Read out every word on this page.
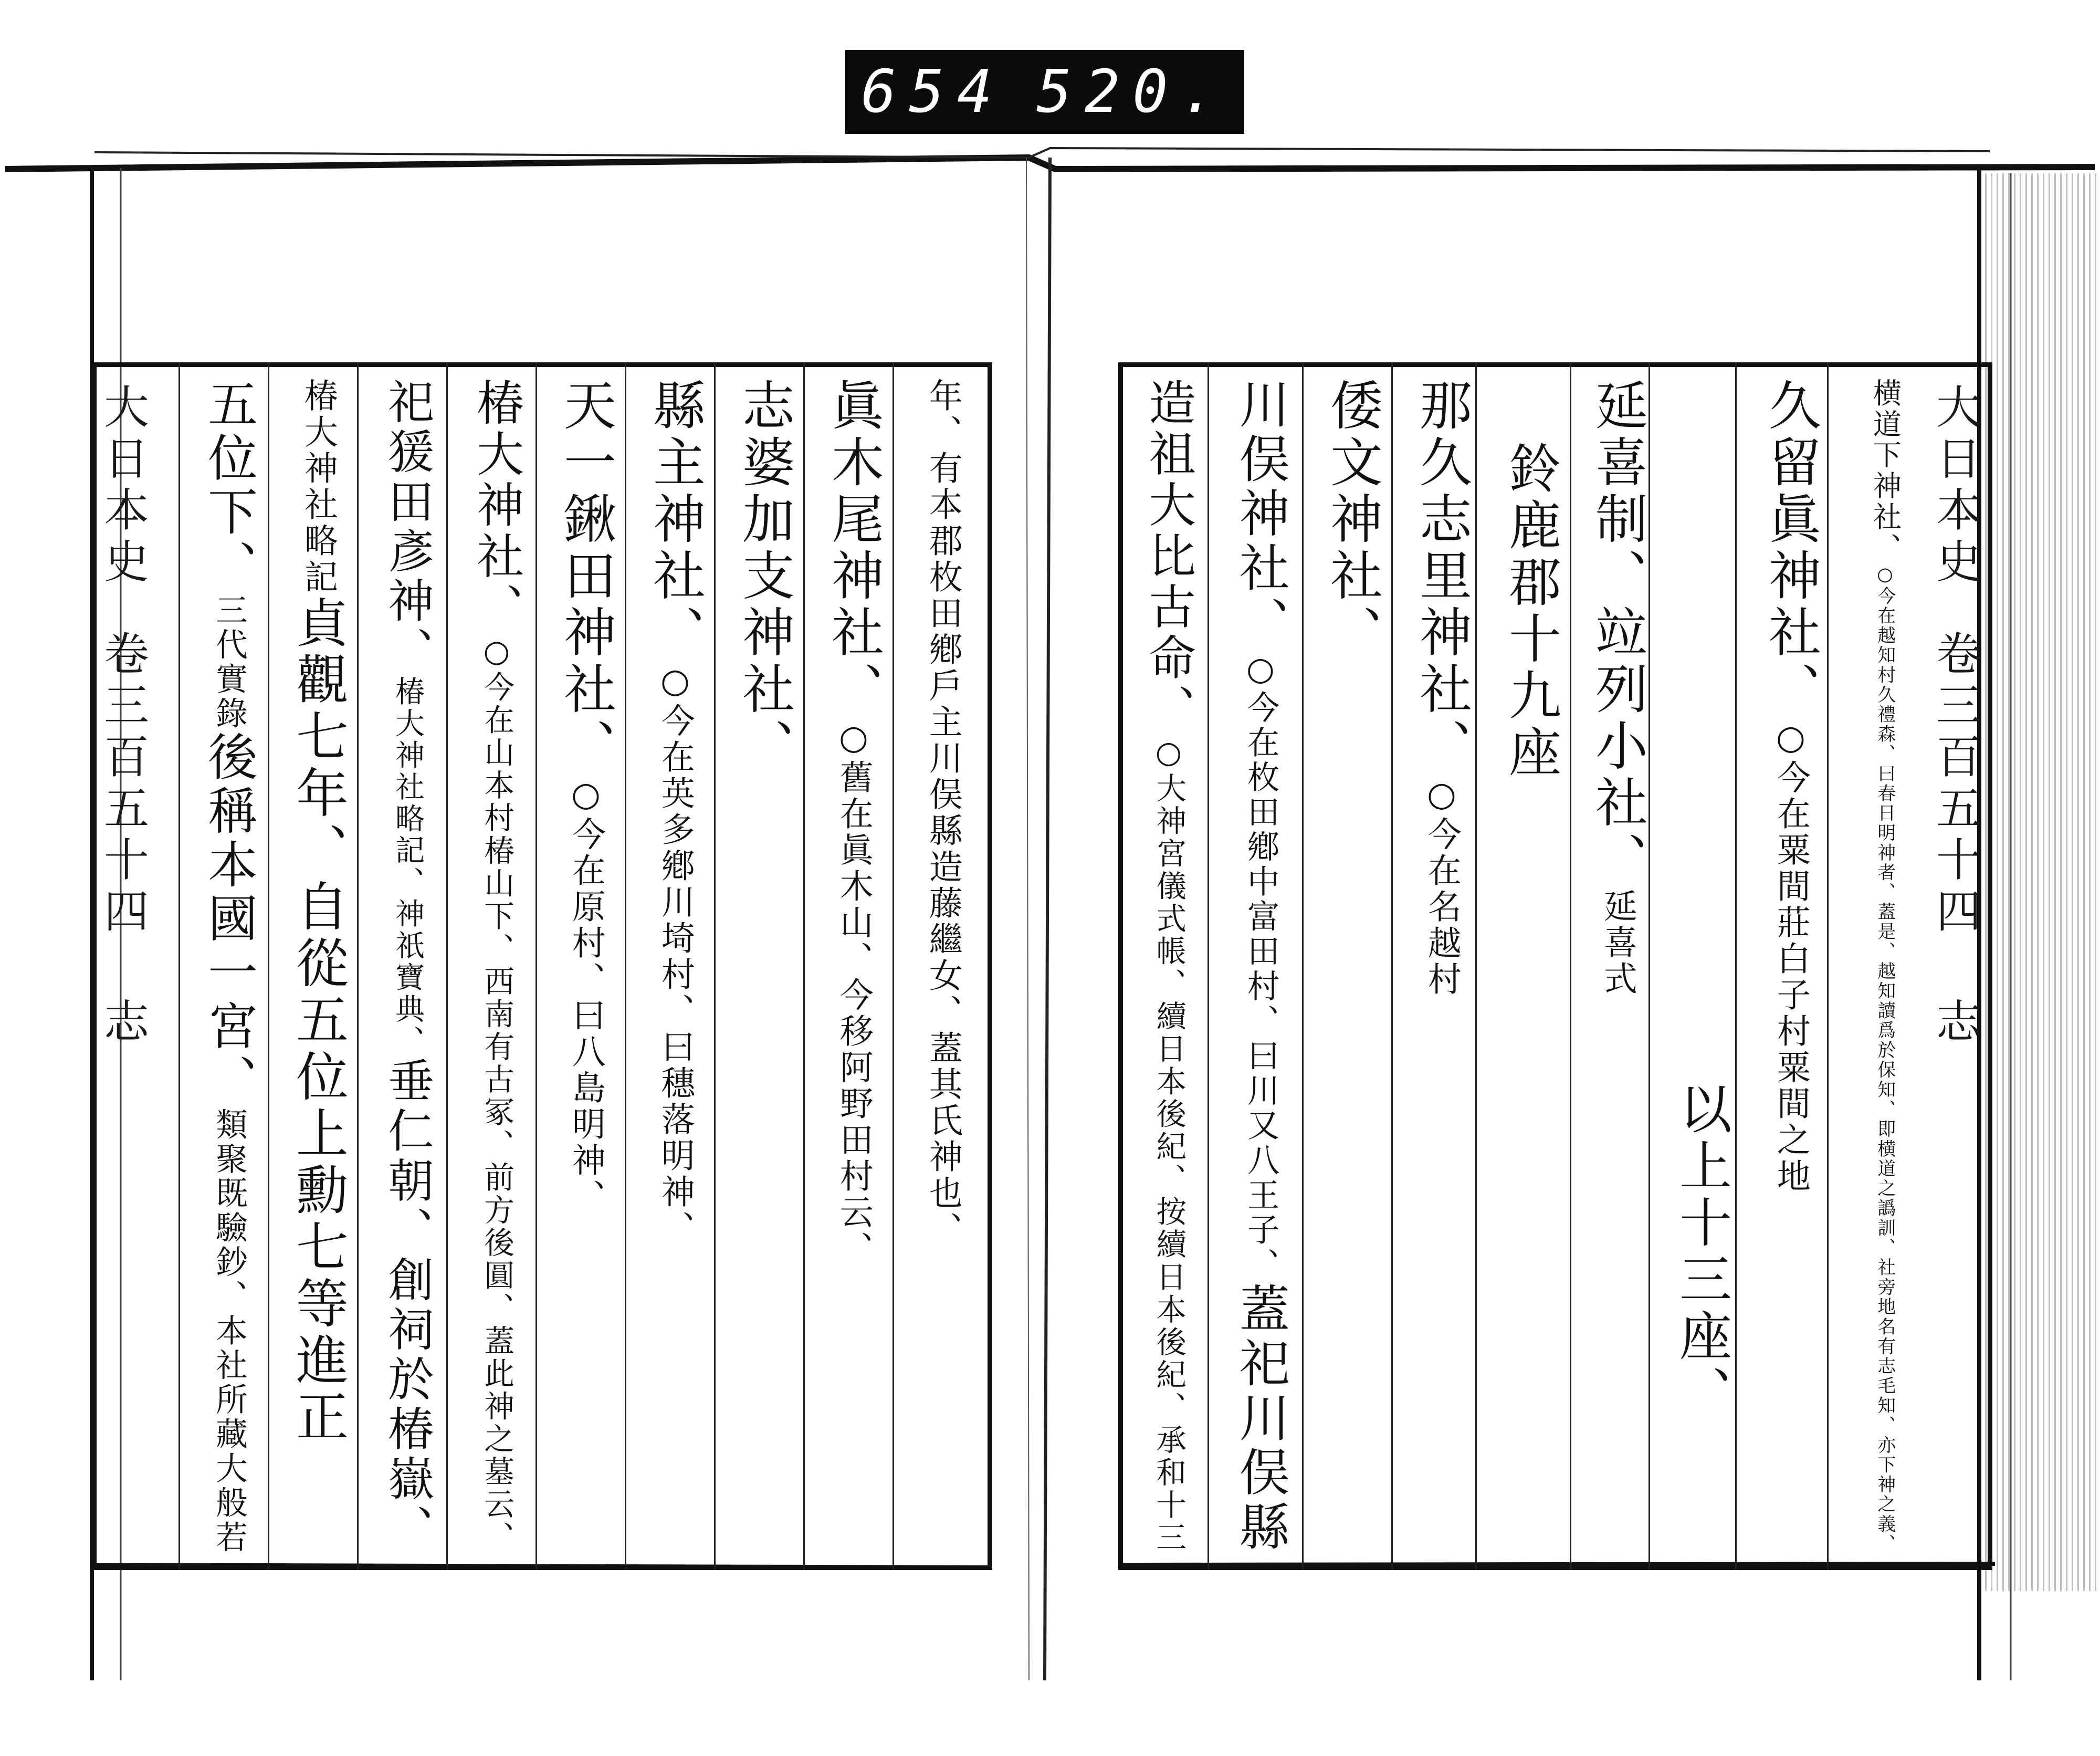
654 520.
大日本史
卷三百五十四
志
大日本史
卷三百五十四
志
横道下神社、
○今在越知村久禮森、曰春日明神者、蓋是、越知讀爲於保知、即横道之譌訓、社旁地名有志毛知、亦下神之義、
久留眞神社、
○今在粟間莊白子村粟間之地
以上十三座、
延喜制、竝列小社、
延喜式
鈴鹿郡十九座
那久志里神社、
○今在名越村
倭文神社、
川俣神社、
○今在枚田鄕中富田村、曰川又八王子、
蓋祀川俣縣
造祖大比古命、
○大神宮儀式帳、續日本後紀、按續日本後紀、承和十三
年、有本郡枚田鄕戶主川俣縣造藤繼女、蓋其氏神也、
眞木尾神社、
○舊在眞木山、今移阿野田村云、
志婆加支神社、
縣主神社、
○今在英多鄕川埼村、曰穗落明神、
天一鍬田神社、
○今在原村、曰八島明神、
椿大神社、
○今在山本村椿山下、西南有古冢、前方後圓、蓋此神之墓云、
祀猨田彥神、
椿大神社略記、神祇寶典、
垂仁朝、創祠於椿嶽、
椿大神社略記
貞觀七年、自從五位上勳七等進正
五位下、
三代實錄
後稱本國一宮、
類聚既驗鈔、本社所藏大般若
